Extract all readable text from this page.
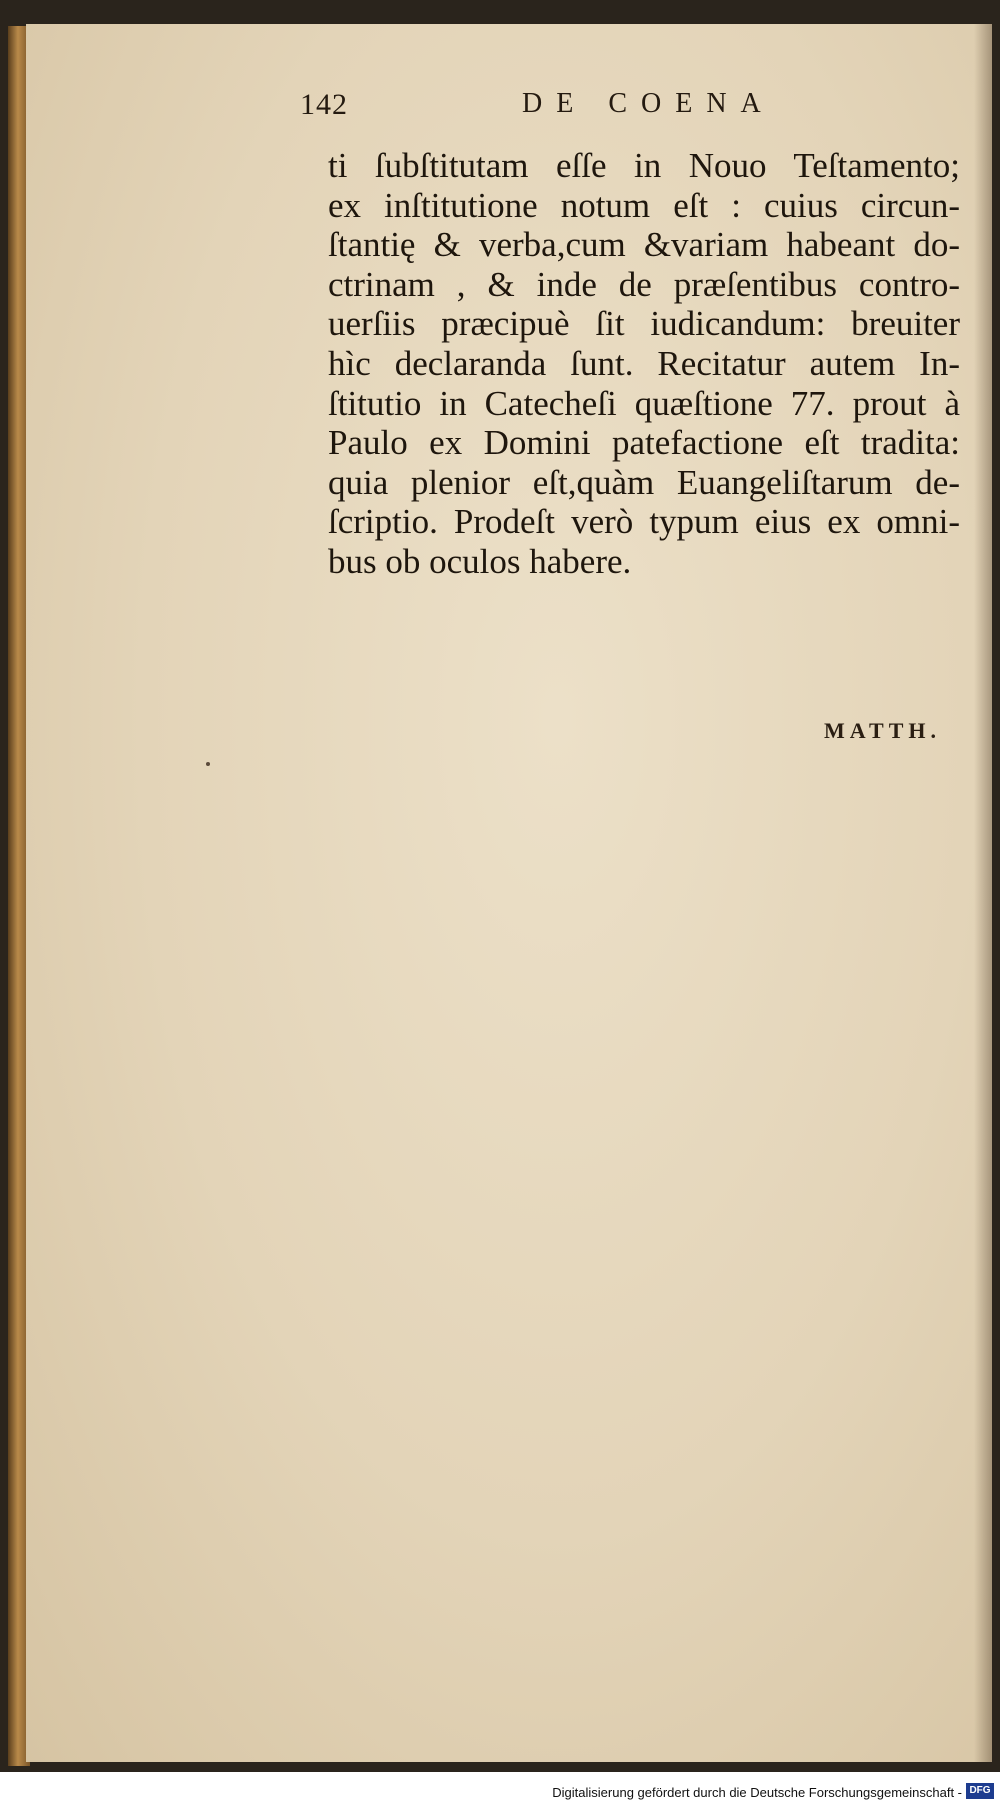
142	DE COENA
ti ſubſtitutam eſſe in Nouo Teſtamento;
ex inſtitutione notum eſt : cuius circun-
ſtantię & verba,cum &variam habeant do-
ctrinam , & inde de præſentibus contro-
uerſiis præcipuè ſit iudicandum: breuiter
hìc declaranda ſunt. Recitatur autem In-
ſtitutio in Catecheſi quæſtione 77. prout à
Paulo ex Domini patefactione eſt tradita:
quia plenior eſt,quàm Euangeliſtarum de-
ſcriptio. Prodeſt verò typum eius ex omni-
bus ob oculos habere.
MATTH.
Digitalisierung gefördert durch die Deutsche Forschungsgemeinschaft - DFG
